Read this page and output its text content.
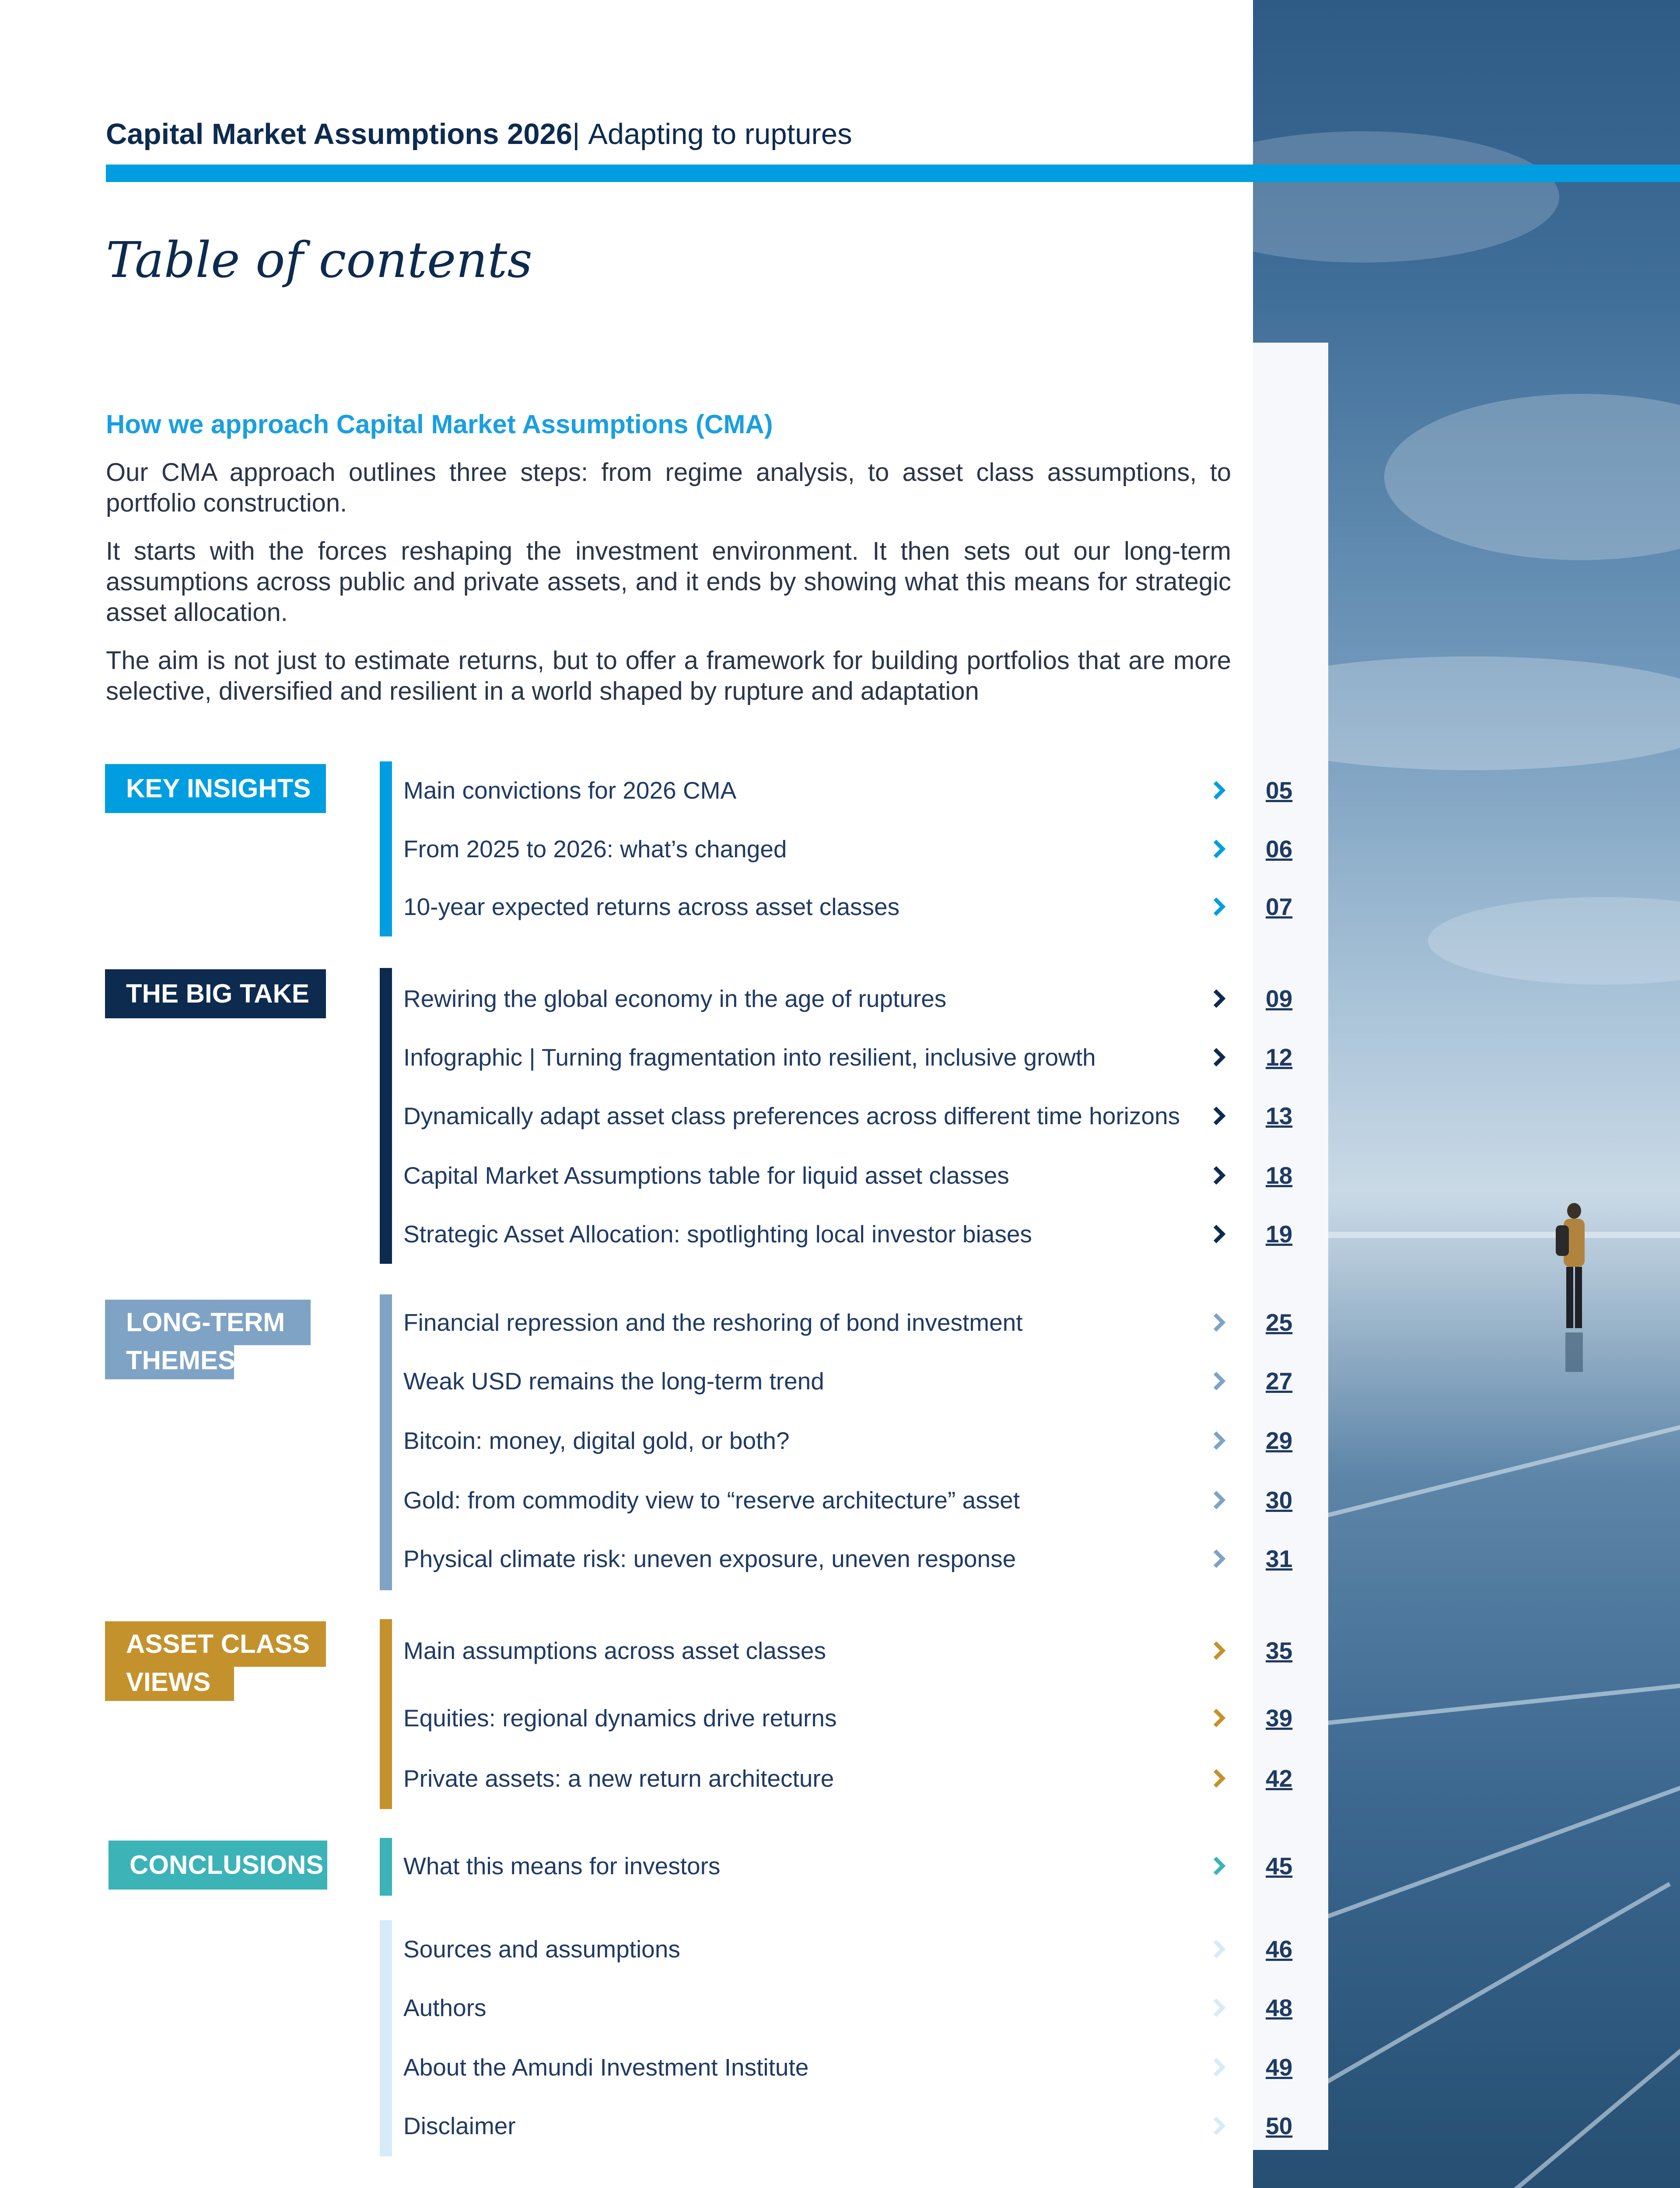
Capital Market Assumptions 2026| Adapting to ruptures
Table of contents
How we approach Capital Market Assumptions (CMA)

Our CMA approach outlines three steps: from regime analysis, to asset class assumptions, to portfolio construction.

It starts with the forces reshaping the investment environment. It then sets out our long-term assumptions across public and private assets, and it ends by showing what this means for strategic asset allocation.

The aim is not just to estimate returns, but to offer a framework for building portfolios that are more selective, diversified and resilient in a world shaped by rupture and adaptation

KEY INSIGHTS	Main convictions for 2026 CMA	05
From 2025 to 2026: what’s changed	06
10-year expected returns across asset classes	07
THE BIG TAKE	Rewiring the global economy in the age of ruptures	09
Infographic | Turning fragmentation into resilient, inclusive growth	12
Dynamically adapt asset class preferences across different time horizons	13
Capital Market Assumptions table for liquid asset classes	18
Strategic Asset Allocation: spotlighting local investor biases	19
LONG-TERM
THEMES
Financial repression and the reshoring of bond investment	25
Weak USD remains the long-term trend	27
Bitcoin: money, digital gold, or both?	29
Gold: from commodity view to “reserve architecture” asset	30
Physical climate risk: uneven exposure, uneven response	31
ASSET CLASS
VIEWS
Main assumptions across asset classes	35
Equities: regional dynamics drive returns	39
Private assets: a new return architecture	42
CONCLUSIONS	What this means for investors	45
Sources and assumptions	46
Authors	48
About the Amundi Investment Institute	49
Disclaimer	50
